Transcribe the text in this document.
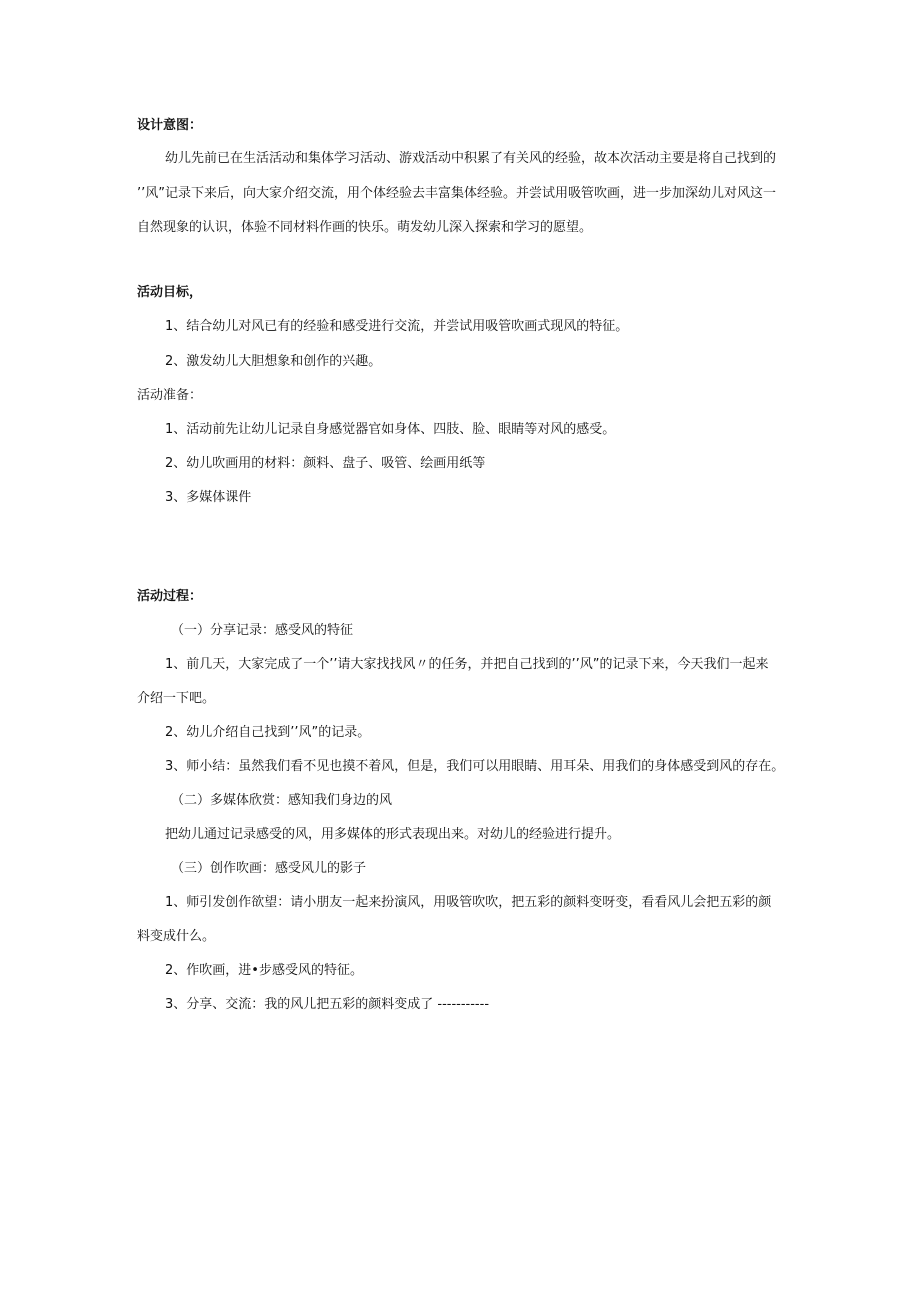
设计意图：
幼儿先前已在生活活动和集体学习活动、游戏活动中积累了有关风的经验，故本次活动主要是将自己找到的
’’风”记录下来后，向大家介绍交流，用个体经验去丰富集体经验。并尝试用吸管吹画，进一步加深幼儿对风这一
自然现象的认识，体验不同材料作画的快乐。萌发幼儿深入探索和学习的愿望。
活动目标，
1、结合幼儿对风已有的经验和感受进行交流，并尝试用吸管吹画式现风的特征。
2、激发幼儿大胆想象和创作的兴趣。
活动准备：
1、活动前先让幼儿记录自身感觉器官如身体、四肢、脸、眼睛等对风的感受。
2、幼儿吹画用的材料：颜料、盘子、吸管、绘画用纸等
3、多媒体课件
活动过程：
（一）分享记录：感受风的特征
1、前几天，大家完成了一个’’请大家找找风〃的任务，并把自己找到的’’风”的记录下来，今天我们一起来
介绍一下吧。
2、幼儿介绍自己找到’’风”的记录。
3、师小结：虽然我们看不见也摸不着风，但是，我们可以用眼睛、用耳朵、用我们的身体感受到风的存在。
（二）多媒体欣赏：感知我们身边的风
把幼儿通过记录感受的风，用多媒体的形式表现出来。对幼儿的经验进行提升。
（三）创作吹画：感受风儿的影子
1、师引发创作欲望：请小朋友一起来扮演风，用吸管吹吹，把五彩的颜料变呀变，看看风儿会把五彩的颜
料变成什么。
2、作吹画，进•步感受风的特征。
3、分享、交流：我的风儿把五彩的颜料变成了 -----------
